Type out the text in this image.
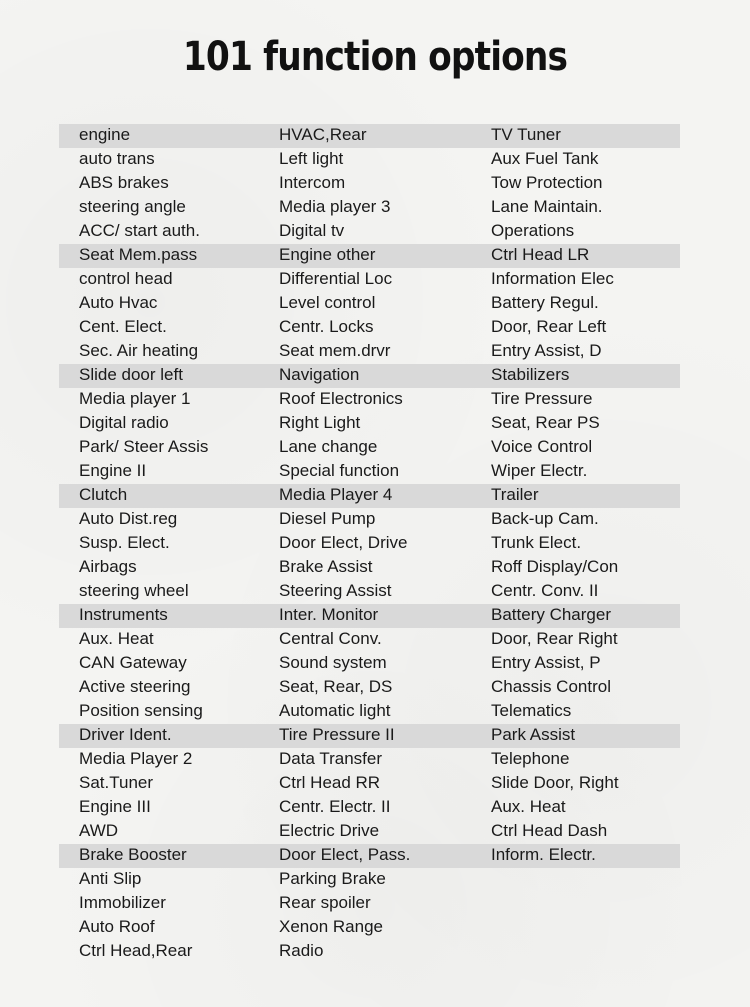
101 function options
engine	HVAC,Rear	TV Tuner
auto trans	Left light	Aux Fuel Tank
ABS brakes	Intercom	Tow Protection
steering angle	Media player 3	Lane Maintain.
ACC/ start auth.	Digital tv	Operations
Seat Mem.pass	Engine other	Ctrl Head LR
control head	Differential Loc	Information Elec
Auto Hvac	Level control	Battery Regul.
Cent. Elect.	Centr. Locks	Door, Rear Left
Sec. Air heating	Seat mem.drvr	Entry Assist, D
Slide door left	Navigation	Stabilizers
Media player 1	Roof Electronics	Tire Pressure
Digital radio	Right Light	Seat, Rear PS
Park/ Steer Assis	Lane change	Voice Control
Engine II	Special function	Wiper Electr.
Clutch	Media Player 4	Trailer
Auto Dist.reg	Diesel Pump	Back-up Cam.
Susp. Elect.	Door Elect, Drive	Trunk Elect.
Airbags	Brake Assist	Roff Display/Con
steering wheel	Steering Assist	Centr. Conv. II
Instruments	Inter. Monitor	Battery Charger
Aux. Heat	Central Conv.	Door, Rear Right
CAN Gateway	Sound system	Entry Assist, P
Active steering	Seat, Rear, DS	Chassis Control
Position sensing	Automatic light	Telematics
Driver Ident.	Tire Pressure II	Park Assist
Media Player 2	Data Transfer	Telephone
Sat.Tuner	Ctrl Head RR	Slide Door, Right
Engine III	Centr. Electr. II	Aux. Heat
AWD	Electric Drive	Ctrl Head Dash
Brake Booster	Door Elect, Pass.	Inform. Electr.
Anti Slip	Parking Brake
Immobilizer	Rear spoiler
Auto Roof	Xenon Range
Ctrl Head,Rear	Radio
